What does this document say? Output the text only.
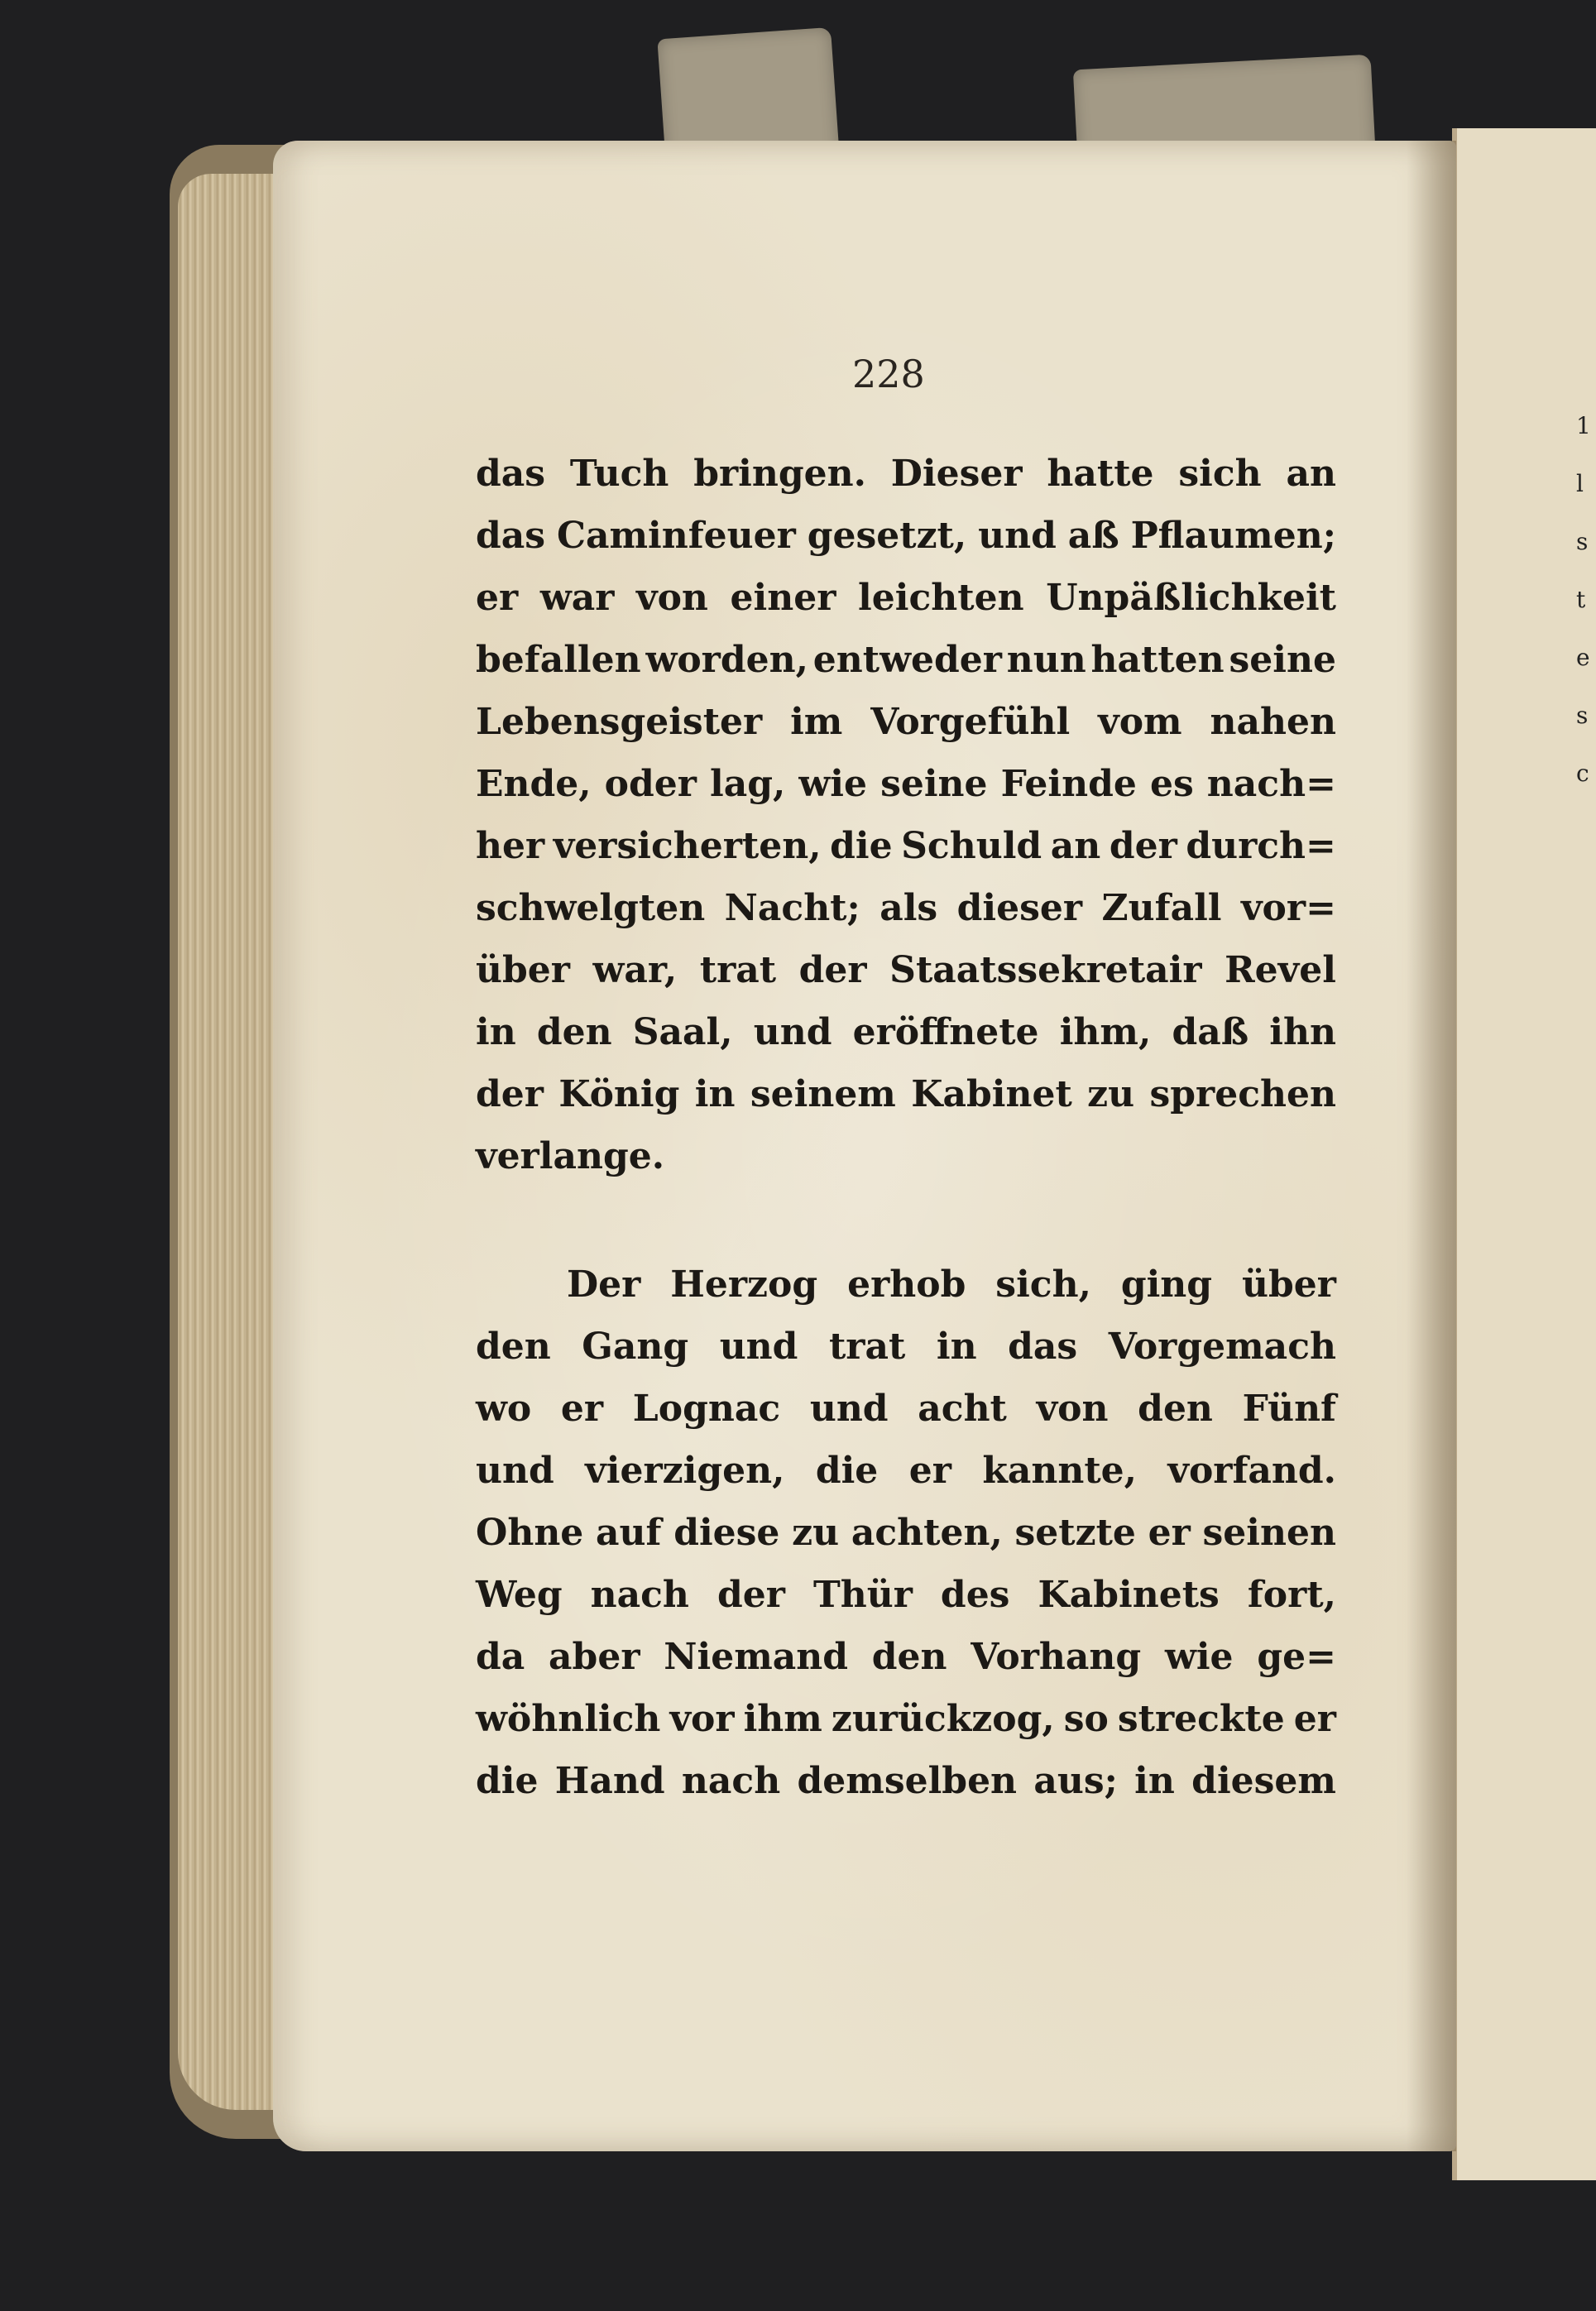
1
l
s
t
e
s
c
228
das Tuch bringen. Dieser hatte sich an
das Caminfeuer gesetzt, und aß Pflaumen;
er war von einer leichten Unpäßlichkeit
befallen worden, entweder nun hatten seine
Lebensgeister im Vorgefühl vom nahen
Ende, oder lag, wie seine Feinde es nach=
her versicherten, die Schuld an der durch=
schwelgten Nacht; als dieser Zufall vor=
über war, trat der Staatssekretair Revel
in den Saal, und eröffnete ihm, daß ihn
der König in seinem Kabinet zu sprechen
verlange.
Der Herzog erhob sich, ging über
den Gang und trat in das Vorgemach
wo er Lognac und acht von den Fünf
und vierzigen, die er kannte, vorfand.
Ohne auf diese zu achten, setzte er seinen
Weg nach der Thür des Kabinets fort,
da aber Niemand den Vorhang wie ge=
wöhnlich vor ihm zurückzog, so streckte er
die Hand nach demselben aus; in diesem
